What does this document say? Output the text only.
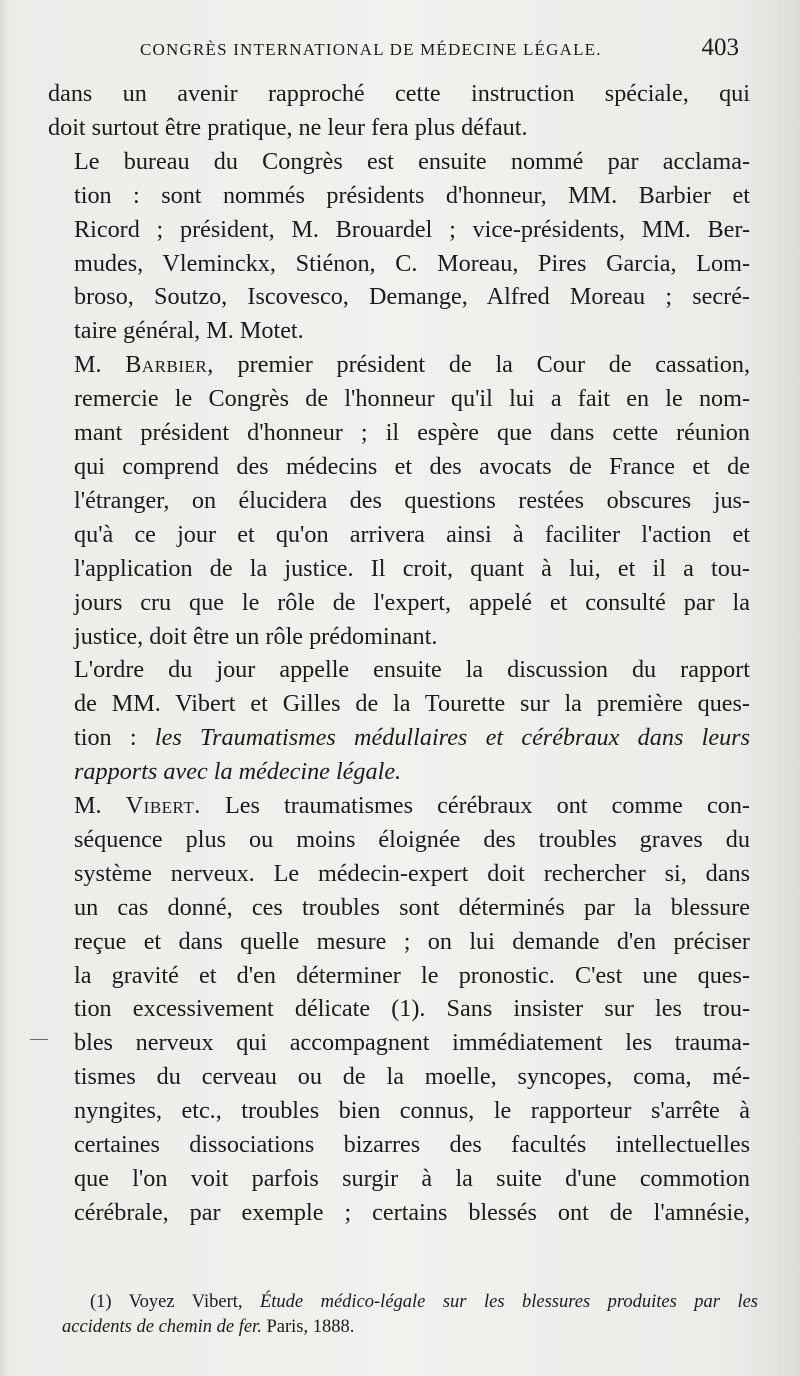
CONGRÈS INTERNATIONAL DE MÉDECINE LÉGALE.	403
—

dans un avenir rapproché cette instruction spéciale, qui
doit surtout être pratique, ne leur fera plus défaut.

Le bureau du Congrès est ensuite nommé par acclama-
tion : sont nommés présidents d'honneur, MM. Barbier et
Ricord ; président, M. Brouardel ; vice-présidents, MM. Ber-
mudes, Vleminckx, Stiénon, C. Moreau, Pires Garcia, Lom-
broso, Soutzo, Iscovesco, Demange, Alfred Moreau ; secré-
taire général, M. Motet.

M. Barbier, premier président de la Cour de cassation,
remercie le Congrès de l'honneur qu'il lui a fait en le nom-
mant président d'honneur ; il espère que dans cette réunion
qui comprend des médecins et des avocats de France et de
l'étranger, on élucidera des questions restées obscures jus-
qu'à ce jour et qu'on arrivera ainsi à faciliter l'action et
l'application de la justice. Il croit, quant à lui, et il a tou-
jours cru que le rôle de l'expert, appelé et consulté par la
justice, doit être un rôle prédominant.

L'ordre du jour appelle ensuite la discussion du rapport
de MM. Vibert et Gilles de la Tourette sur la première ques-
tion : les Traumatismes médullaires et cérébraux dans leurs
rapports avec la médecine légale.

M. Vibert. Les traumatismes cérébraux ont comme con-
séquence plus ou moins éloignée des troubles graves du
système nerveux. Le médecin-expert doit rechercher si, dans
un cas donné, ces troubles sont déterminés par la blessure
reçue et dans quelle mesure ; on lui demande d'en préciser
la gravité et d'en déterminer le pronostic. C'est une ques-
tion excessivement délicate (1). Sans insister sur les trou-
bles nerveux qui accompagnent immédiatement les trauma-
tismes du cerveau ou de la moelle, syncopes, coma, mé-
nyngites, etc., troubles bien connus, le rapporteur s'arrête à
certaines dissociations bizarres des facultés intellectuelles
que l'on voit parfois surgir à la suite d'une commotion
cérébrale, par exemple ; certains blessés ont de l'amnésie,

(1) Voyez Vibert, Étude médico-légale sur les blessures produites par les
accidents de chemin de fer. Paris, 1888.
